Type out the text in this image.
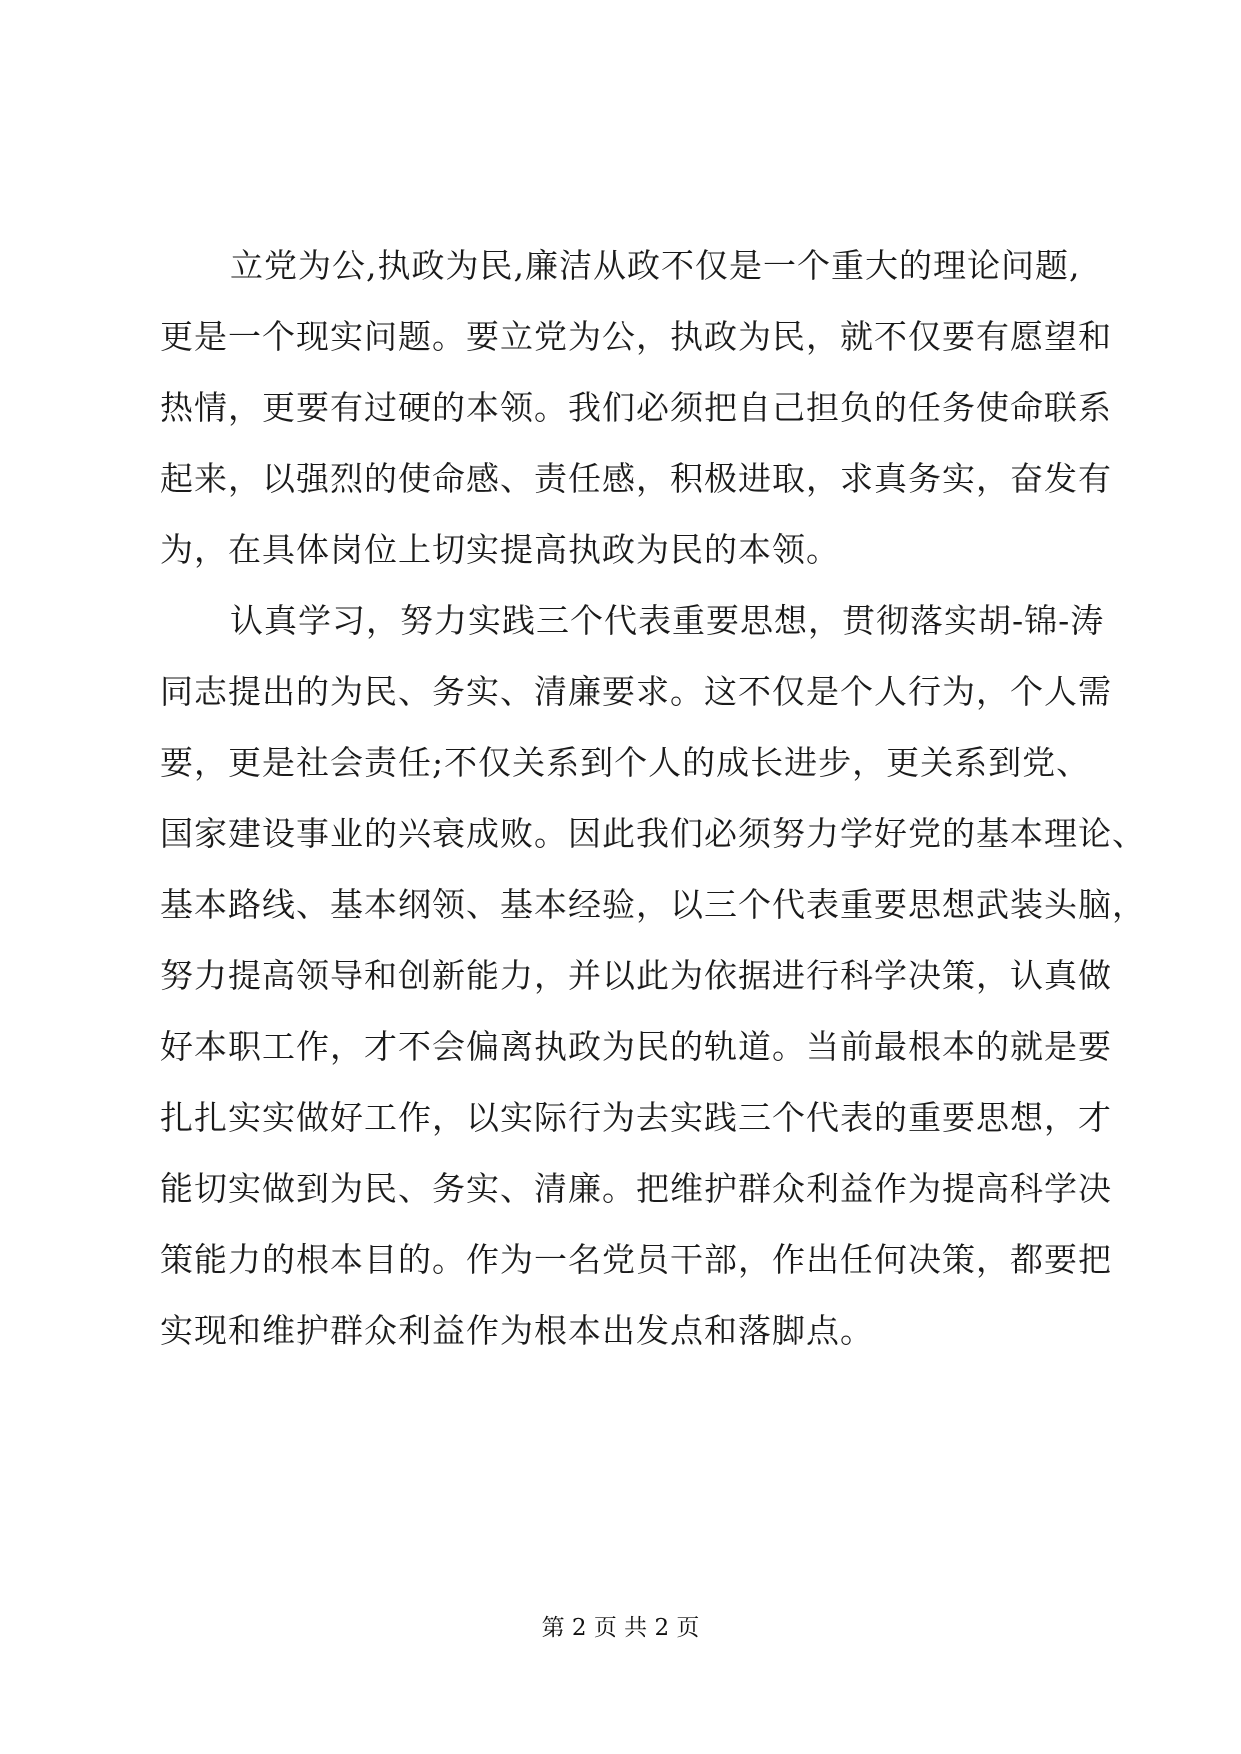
立党为公,执政为民,廉洁从政不仅是一个重大的理论问题,
更是一个现实问题。要立党为公，执政为民，就不仅要有愿望和
热情，更要有过硬的本领。我们必须把自己担负的任务使命联系
起来，以强烈的使命感、责任感，积极进取，求真务实，奋发有
为，在具体岗位上切实提高执政为民的本领。
认真学习，努力实践三个代表重要思想，贯彻落实胡-锦-涛
同志提出的为民、务实、清廉要求。这不仅是个人行为，个人需
要，更是社会责任;不仅关系到个人的成长进步，更关系到党、
国家建设事业的兴衰成败。因此我们必须努力学好党的基本理论、
基本路线、基本纲领、基本经验，以三个代表重要思想武装头脑，
努力提高领导和创新能力，并以此为依据进行科学决策，认真做
好本职工作，才不会偏离执政为民的轨道。当前最根本的就是要
扎扎实实做好工作，以实际行为去实践三个代表的重要思想，才
能切实做到为民、务实、清廉。把维护群众利益作为提高科学决
策能力的根本目的。作为一名党员干部，作出任何决策，都要把
实现和维护群众利益作为根本出发点和落脚点。
第 2 页 共 2 页
